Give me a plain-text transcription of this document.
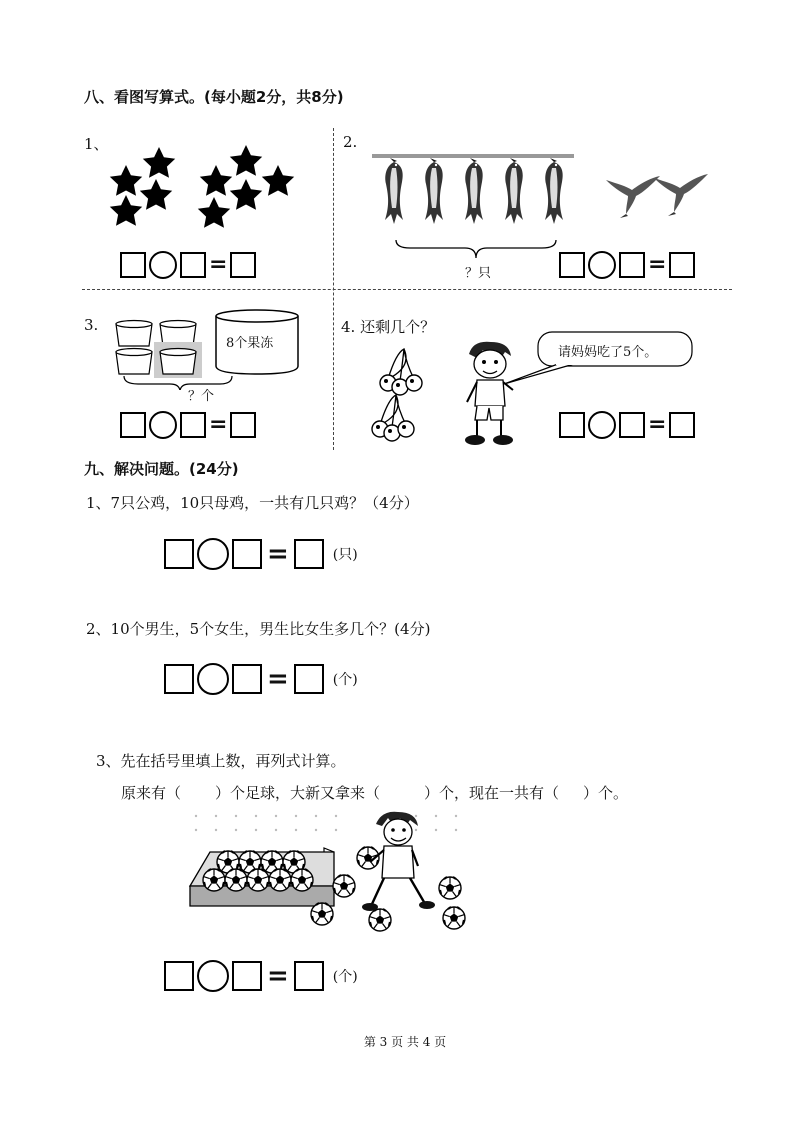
八、看图写算式。(每小题2分，共8分)
1、
=
2.
？只	=
3.
8个果冻
？个
=
4. 还剩几个？
请妈妈吃了5个。
=
九、解决问题。(24分)
1、7只公鸡，10只母鸡，一共有几只鸡？（4分）
=	(只)
2、10个男生，5个女生，男生比女生多几个？(4分)
=	(个)
3、先在括号里填上数，再列式计算。
原来有（ ）个足球，大新又拿来（	）个，现在一共有（ ）个。
=	(个)
第 3 页 共 4 页
